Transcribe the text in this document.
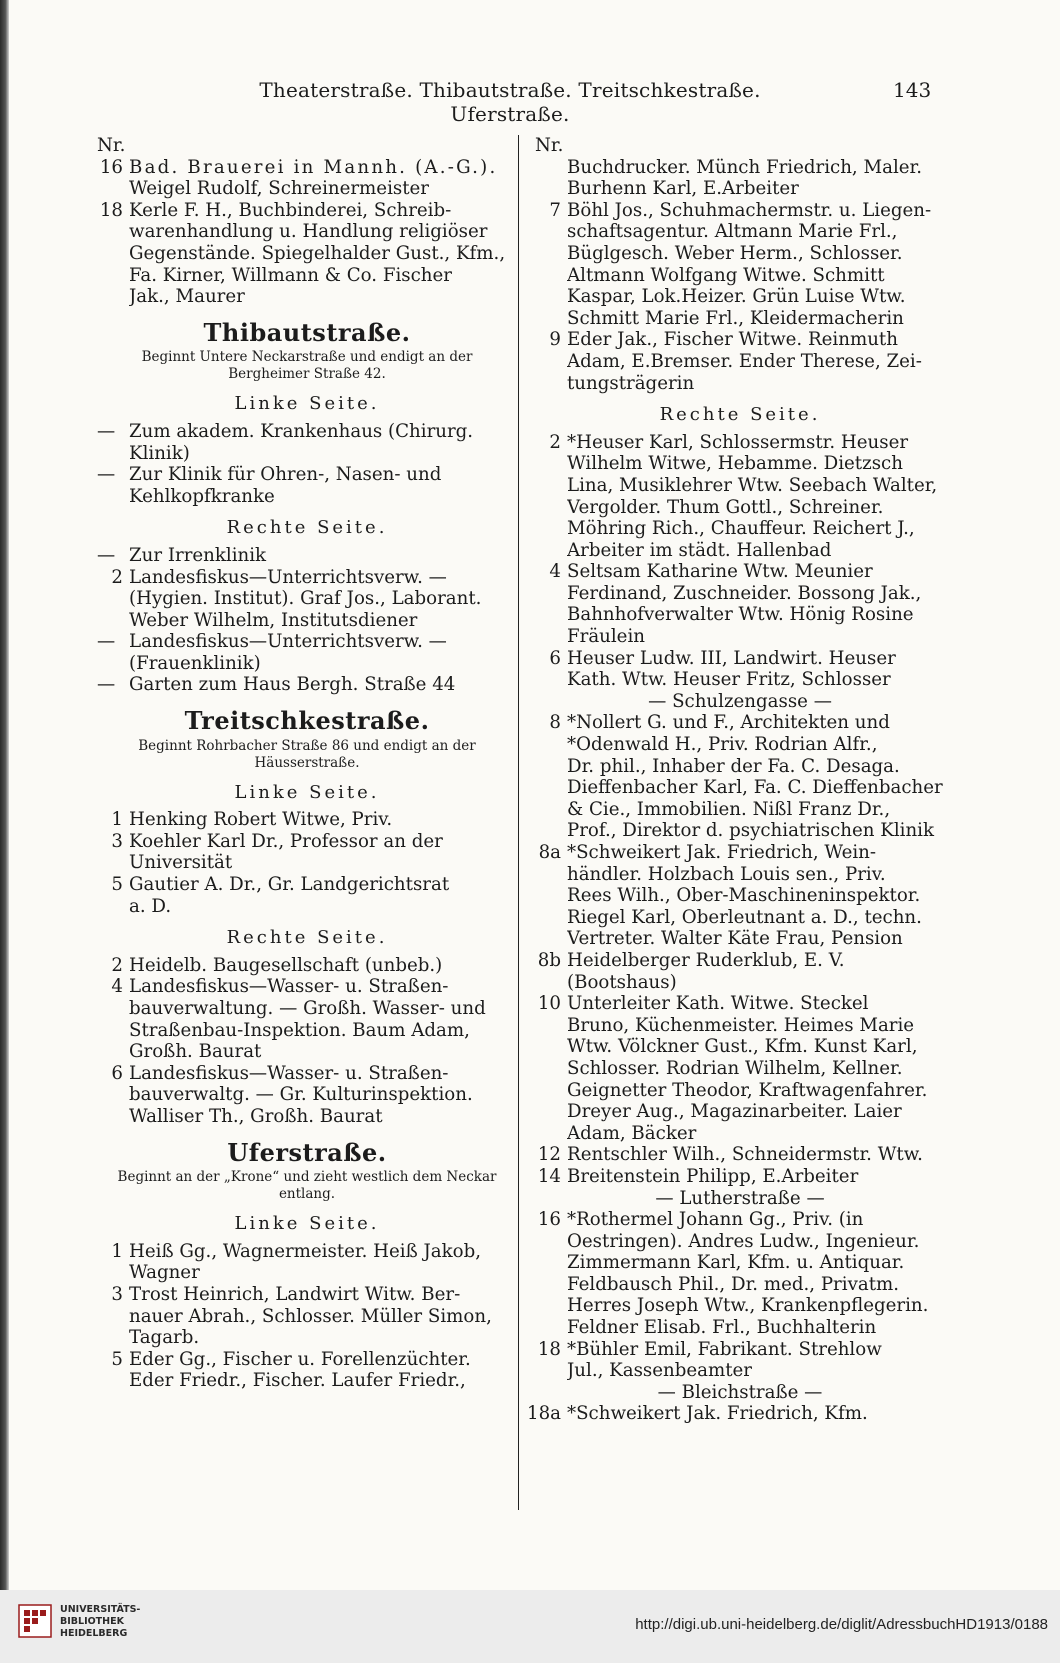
Theaterstraße. Thibautstraße. Treitschkestraße. Uferstraße.
143
Nr.
16 Bad. Brauerei in Mannh. (A.-G.).
Weigel Rudolf, Schreinermeister
18 Kerle F. H., Buchbinderei, Schreib-
warenhandlung u. Handlung religiöser
Gegenstände. Spiegelhalder Gust., Kfm.,
Fa. Kirner, Willmann & Co. Fischer
Jak., Maurer
Thibautstraße.
Beginnt Untere Neckarstraße und endigt an der Bergheimer Straße 42.
Linke Seite.
— Zum akadem. Krankenhaus (Chirurg.
Klinik)
— Zur Klinik für Ohren-, Nasen- und
Kehlkopfkranke
Rechte Seite.
— Zur Irrenklinik
2 Landesfiskus—Unterrichtsverw. —
(Hygien. Institut). Graf Jos., Laborant.
Weber Wilhelm, Institutsdiener
— Landesfiskus—Unterrichtsverw. —
(Frauenklinik)
— Garten zum Haus Bergh. Straße 44
Treitschkestraße.
Beginnt Rohrbacher Straße 86 und endigt an der Häusserstraße.
Linke Seite.
1 Henking Robert Witwe, Priv.
3 Koehler Karl Dr., Professor an der
Universität
5 Gautier A. Dr., Gr. Landgerichtsrat
a. D.
Rechte Seite.
2 Heidelb. Baugesellschaft (unbeb.)
4 Landesfiskus—Wasser- u. Straßen-
bauverwaltung. — Großh. Wasser- und
Straßenbau-Inspektion. Baum Adam,
Großh. Baurat
6 Landesfiskus—Wasser- u. Straßen-
bauverwaltg. — Gr. Kulturinspektion.
Walliser Th., Großh. Baurat
Uferstraße.
Beginnt an der „Krone“ und zieht westlich dem Neckar entlang.
Linke Seite.
1 Heiß Gg., Wagnermeister. Heiß Jakob,
Wagner
3 Trost Heinrich, Landwirt Witw. Ber-
nauer Abrah., Schlosser. Müller Simon,
Tagarb.
5 Eder Gg., Fischer u. Forellenzüchter.
Eder Friedr., Fischer. Laufer Friedr.,
Nr.
Buchdrucker. Münch Friedrich, Maler.
Burhenn Karl, E.Arbeiter
7 Böhl Jos., Schuhmachermstr. u. Liegen-
schaftsagentur. Altmann Marie Frl.,
Büglgesch. Weber Herm., Schlosser.
Altmann Wolfgang Witwe. Schmitt
Kaspar, Lok.Heizer. Grün Luise Wtw.
Schmitt Marie Frl., Kleidermacherin
9 Eder Jak., Fischer Witwe. Reinmuth
Adam, E.Bremser. Ender Therese, Zei-
tungsträgerin
Rechte Seite.
2 *Heuser Karl, Schlossermstr. Heuser
Wilhelm Witwe, Hebamme. Dietzsch
Lina, Musiklehrer Wtw. Seebach Walter,
Vergolder. Thum Gottl., Schreiner.
Möhring Rich., Chauffeur. Reichert J.,
Arbeiter im städt. Hallenbad
4 Seltsam Katharine Wtw. Meunier
Ferdinand, Zuschneider. Bossong Jak.,
Bahnhofverwalter Wtw. Hönig Rosine
Fräulein
6 Heuser Ludw. III, Landwirt. Heuser
Kath. Wtw. Heuser Fritz, Schlosser
— Schulzengasse —
8 *Nollert G. und F., Architekten und
*Odenwald H., Priv. Rodrian Alfr.,
Dr. phil., Inhaber der Fa. C. Desaga.
Dieffenbacher Karl, Fa. C. Dieffenbacher
& Cie., Immobilien. Nißl Franz Dr.,
Prof., Direktor d. psychiatrischen Klinik
8a *Schweikert Jak. Friedrich, Wein-
händler. Holzbach Louis sen., Priv.
Rees Wilh., Ober-Maschineninspektor.
Riegel Karl, Oberleutnant a. D., techn.
Vertreter. Walter Käte Frau, Pension
8b Heidelberger Ruderklub, E. V.
(Bootshaus)
10 Unterleiter Kath. Witwe. Steckel
Bruno, Küchenmeister. Heimes Marie
Wtw. Völckner Gust., Kfm. Kunst Karl,
Schlosser. Rodrian Wilhelm, Kellner.
Geignetter Theodor, Kraftwagenfahrer.
Dreyer Aug., Magazinarbeiter. Laier
Adam, Bäcker
12 Rentschler Wilh., Schneidermstr. Wtw.
14 Breitenstein Philipp, E.Arbeiter
— Lutherstraße —
16 *Rothermel Johann Gg., Priv. (in
Oestringen). Andres Ludw., Ingenieur.
Zimmermann Karl, Kfm. u. Antiquar.
Feldbausch Phil., Dr. med., Privatm.
Herres Joseph Wtw., Krankenpflegerin.
Feldner Elisab. Frl., Buchhalterin
18 *Bühler Emil, Fabrikant. Strehlow
Jul., Kassenbeamter
— Bleichstraße —
18a *Schweikert Jak. Friedrich, Kfm.
UNIVERSITÄTS-
BIBLIOTHEK
HEIDELBERG
http://digi.ub.uni-heidelberg.de/diglit/AdressbuchHD1913/0188
